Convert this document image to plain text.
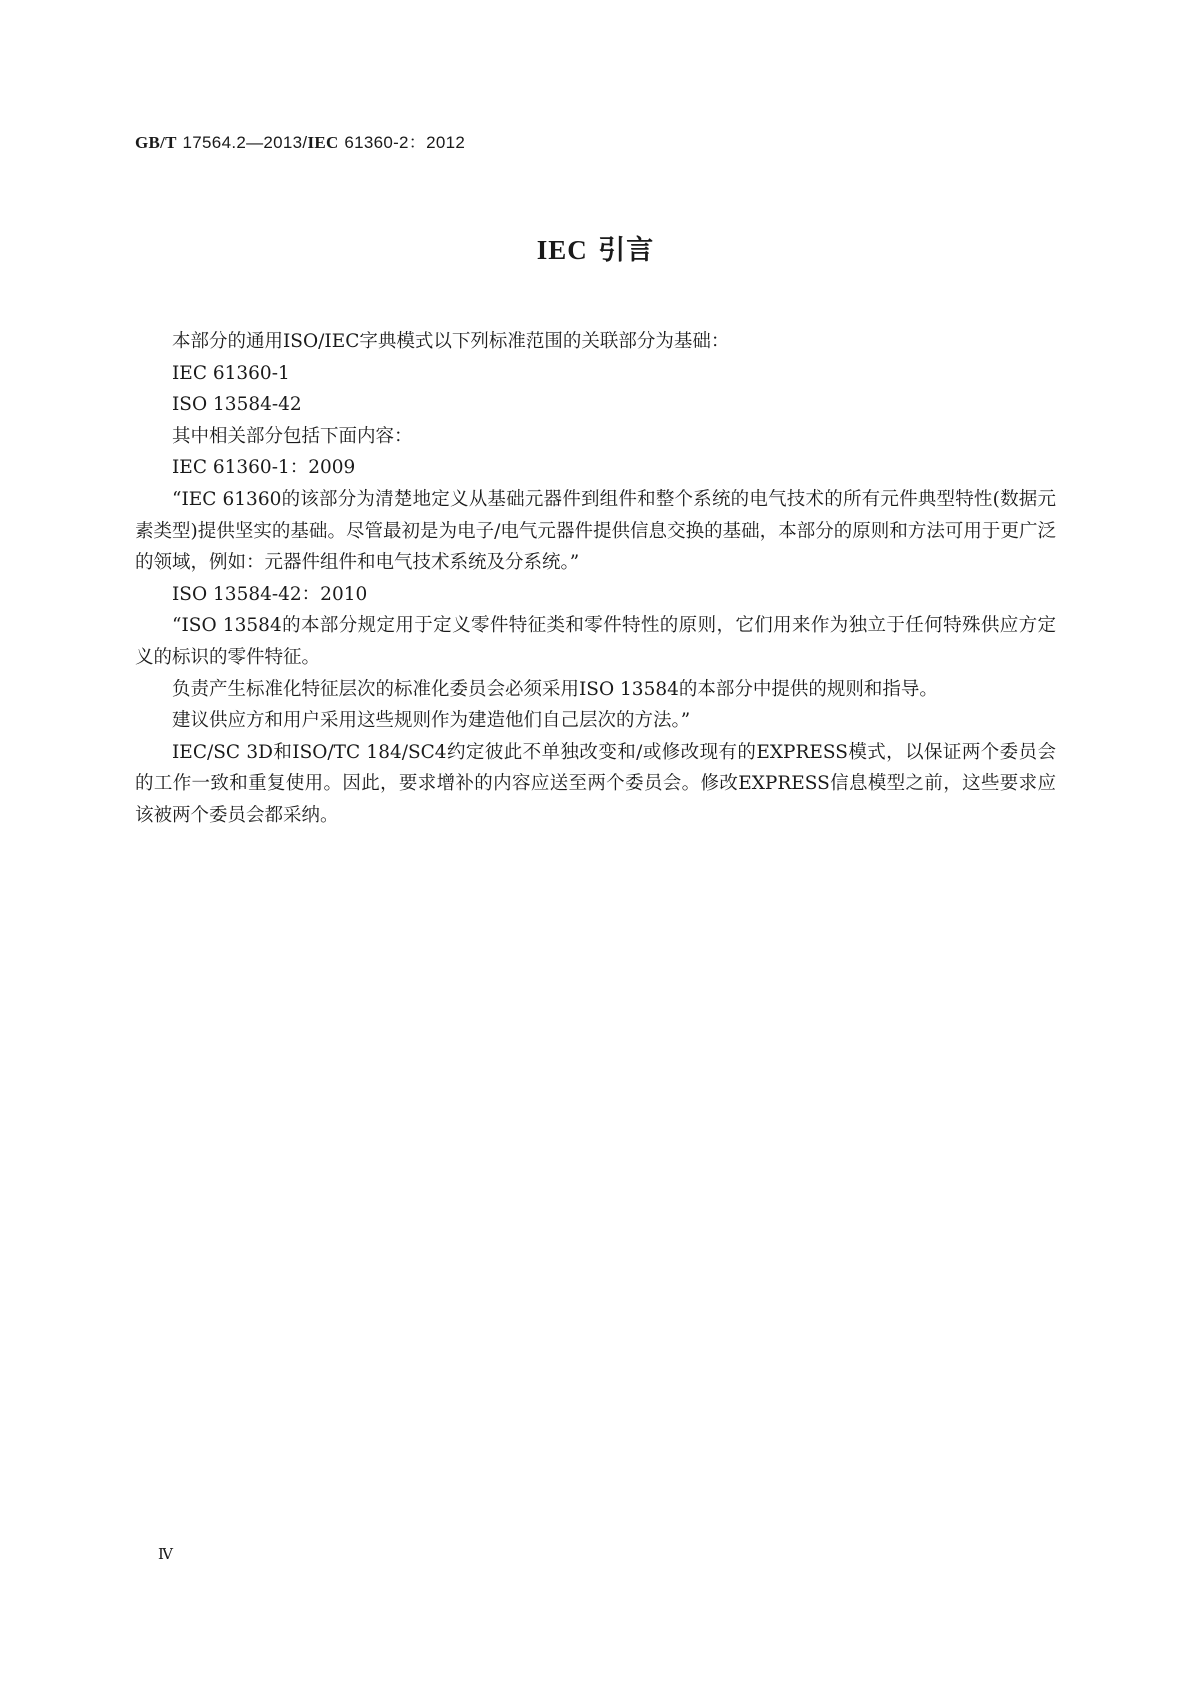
GB/T 17564.2—2013/IEC 61360-2：2012
IEC 引言

本部分的通用ISO/IEC字典模式以下列标准范围的关联部分为基础：

IEC 61360-1

ISO 13584-42

其中相关部分包括下面内容：

IEC 61360-1：2009

“IEC 61360的该部分为清楚地定义从基础元器件到组件和整个系统的电气技术的所有元件典型特性(数据元素类型)提供坚实的基础。尽管最初是为电子/电气元器件提供信息交换的基础，本部分的原则和方法可用于更广泛的领域，例如：元器件组件和电气技术系统及分系统。”

ISO 13584-42：2010

“ISO 13584的本部分规定用于定义零件特征类和零件特性的原则，它们用来作为独立于任何特殊供应方定义的标识的零件特征。

负责产生标准化特征层次的标准化委员会必须采用ISO 13584的本部分中提供的规则和指导。

建议供应方和用户采用这些规则作为建造他们自己层次的方法。”

IEC/SC 3D和ISO/TC 184/SC4约定彼此不单独改变和/或修改现有的EXPRESS模式，以保证两个委员会的工作一致和重复使用。因此，要求增补的内容应送至两个委员会。修改EXPRESS信息模型之前，这些要求应该被两个委员会都采纳。

Ⅳ
